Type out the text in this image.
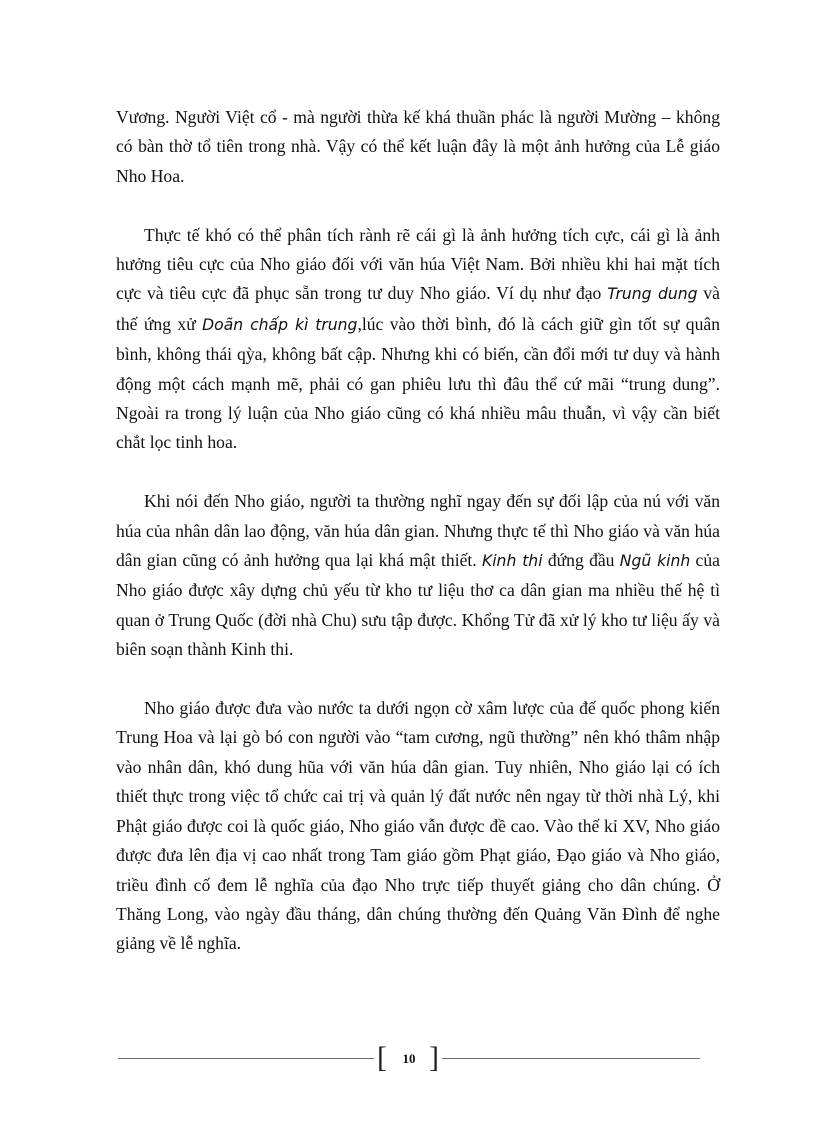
Vương. Người Việt cổ - mà người thừa kế khá thuần phác là người Mường – không có bàn thờ tổ tiên trong nhà. Vậy có thể kết luận đây là một ảnh hưởng của Lễ giáo Nho Hoa.

Thực tế khó có thể phân tích rành rẽ cái gì là ảnh hưởng tích cực, cái gì là ảnh hưởng tiêu cực của Nho giáo đối với văn húa Việt Nam. Bởi nhiều khi hai mặt tích cực và tiêu cực đã phục sẵn trong tư duy Nho giáo. Ví dụ như đạo Trung dung và thế ứng xử Doãn chấp kì trung,lúc vào thời bình, đó là cách giữ gìn tốt sự quân bình, không thái qỳa, không bất cập. Nhưng khi có biến, cần đổi mới tư duy và hành động một cách mạnh mẽ, phải có gan phiêu lưu thì đâu thể cứ mãi “trung dung”. Ngoài ra trong lý luận của Nho giáo cũng có khá nhiều mâu thuẫn, vì vậy cần biết chắt lọc tinh hoa.

Khi nói đến Nho giáo, người ta thường nghĩ ngay đến sự đối lập của nú với văn húa của nhân dân lao động, văn húa dân gian. Nhưng thực tế thì Nho giáo và văn húa dân gian cũng có ảnh hưởng qua lại khá mật thiết. Kinh thi đứng đầu Ngũ kinh của Nho giáo được xây dựng chủ yếu từ kho tư liệu thơ ca dân gian ma nhiều thế hệ tì quan ở Trung Quốc (đời nhà Chu) sưu tập được. Khổng Tử đã xử lý kho tư liệu ấy và biên soạn thành Kinh thi.

Nho giáo được đưa vào nước ta dưới ngọn cờ xâm lược của đế quốc phong kiến Trung Hoa và lại gò bó con người vào “tam cương, ngũ thường” nên khó thâm nhập vào nhân dân, khó dung hũa với văn húa dân gian. Tuy nhiên, Nho giáo lại có ích thiết thực trong việc tổ chức cai trị và quản lý đất nước nên ngay từ thời nhà Lý, khi Phật giáo được coi là quốc giáo, Nho giáo vẫn được đề cao. Vào thế kỉ XV, Nho giáo được đưa lên địa vị cao nhất trong Tam giáo gồm Phạt giáo, Đạo giáo và Nho giáo, triều đình cố đem lễ nghĩa của đạo Nho trực tiếp thuyết giảng cho dân chúng. Ở Thăng Long, vào ngày đầu tháng, dân chúng thường đến Quảng Văn Đình để nghe giảng về lễ nghĩa.

[	10 ]
